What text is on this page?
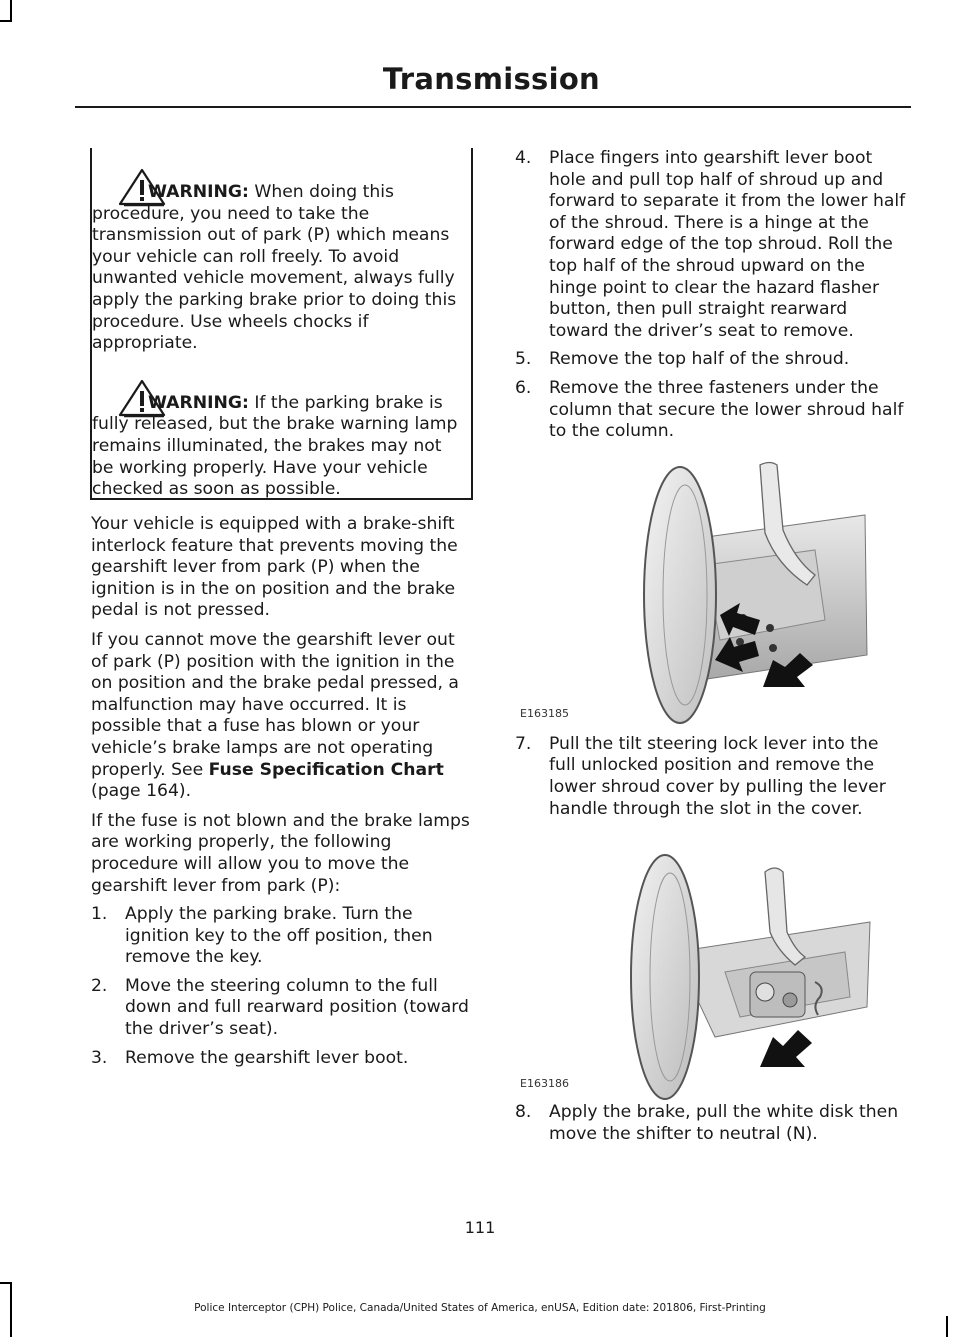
Transmission
WARNING: When doing this procedure, you need to take the transmission out of park (P) which means your vehicle can roll freely. To avoid unwanted vehicle movement, always fully apply the parking brake prior to doing this procedure. Use wheels chocks if appropriate.
WARNING: If the parking brake is fully released, but the brake warning lamp remains illuminated, the brakes may not be working properly. Have your vehicle checked as soon as possible.

Your vehicle is equipped with a brake-shift interlock feature that prevents moving the gearshift lever from park (P) when the ignition is in the on position and the brake pedal is not pressed.

If you cannot move the gearshift lever out of park (P) position with the ignition in the on position and the brake pedal pressed, a malfunction may have occurred. It is possible that a fuse has blown or your vehicle’s brake lamps are not operating properly. See Fuse Specification Chart (page 164).

If the fuse is not blown and the brake lamps are working properly, the following procedure will allow you to move the gearshift lever from park (P):

1. Apply the parking brake. Turn the ignition key to the off position, then remove the key.
2. Move the steering column to the full down and full rearward position (toward the driver’s seat).
3. Remove the gearshift lever boot.
4. Place fingers into gearshift lever boot hole and pull top half of shroud up and forward to separate it from the lower half of the shroud. There is a hinge at the forward edge of the top shroud. Roll the top half of the shroud upward on the hinge point to clear the hazard flasher button, then pull straight rearward toward the driver’s seat to remove.
5. Remove the top half of the shroud.
6. Remove the three fasteners under the column that secure the lower shroud half to the column.
E163185
7. Pull the tilt steering lock lever into the full unlocked position and remove the lower shroud cover by pulling the lever handle through the slot in the cover.
E163186
8. Apply the brake, pull the white disk then move the shifter to neutral (N).
111
Police Interceptor (CPH) Police, Canada/United States of America, enUSA, Edition date: 201806, First-Printing
